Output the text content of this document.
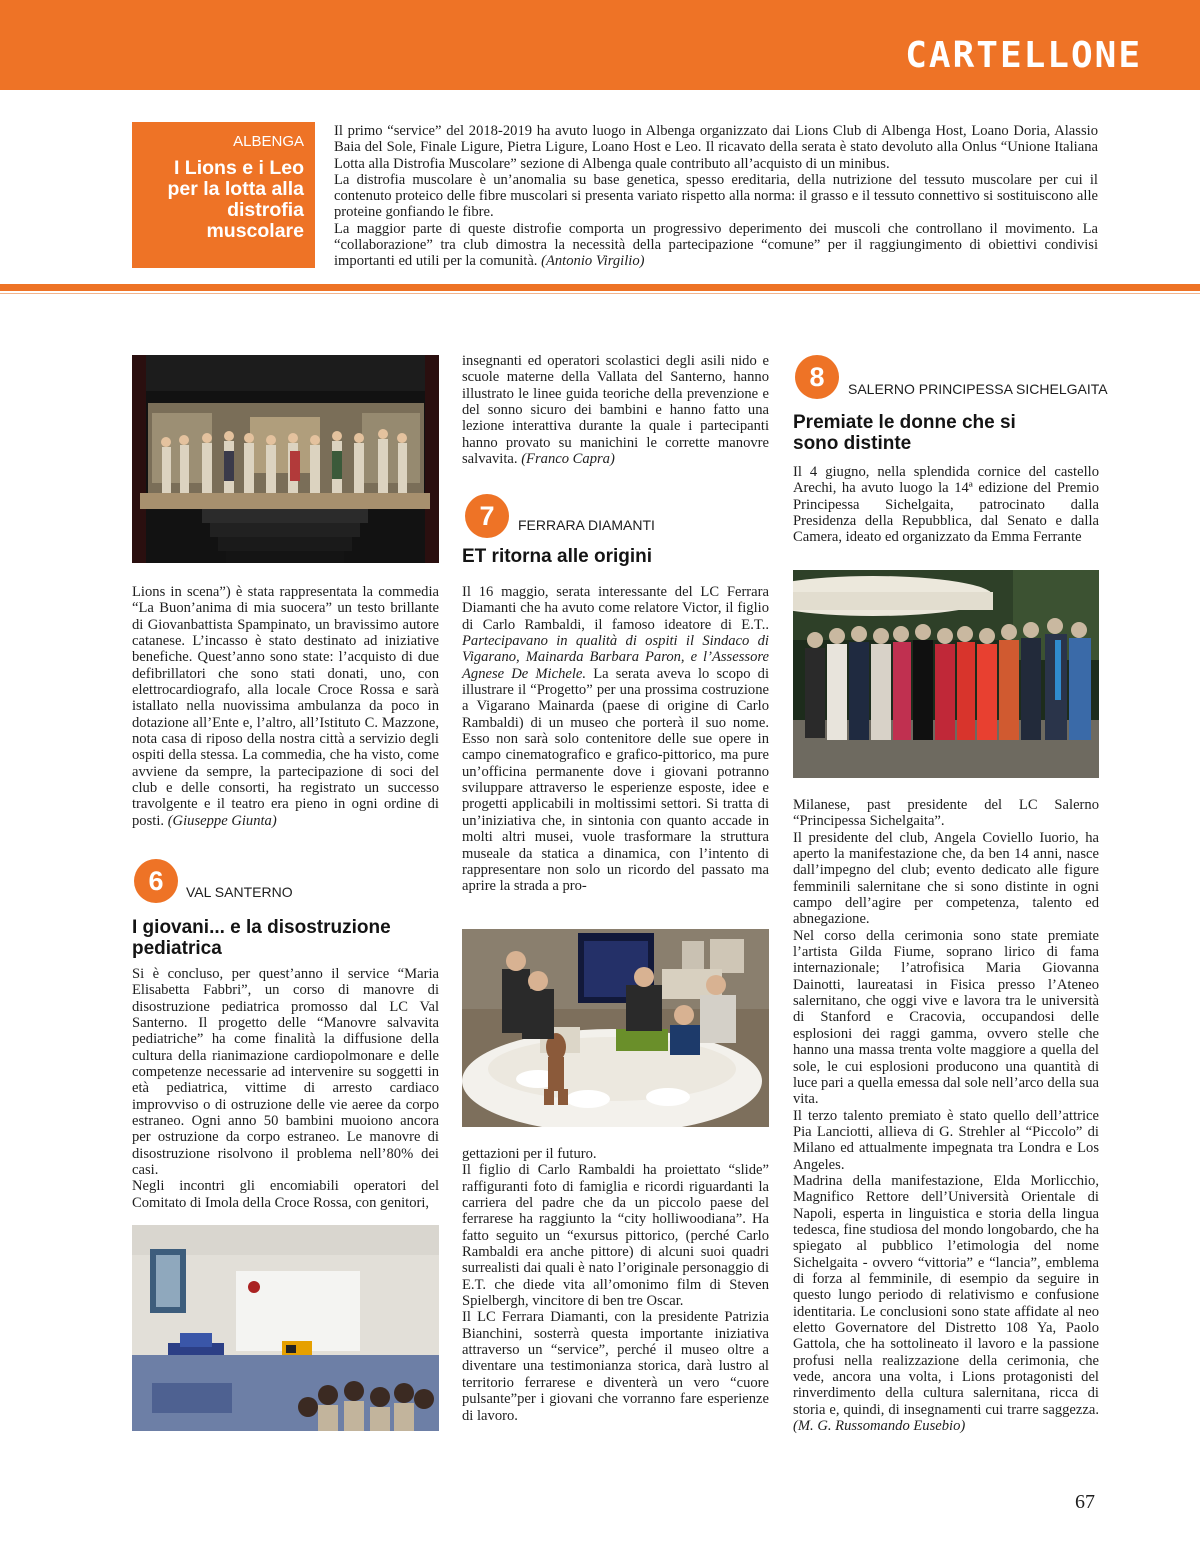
CARTELLONE
ALBENGA
I Lions e i Leo per la lotta alla distrofia muscolare

Il primo “service” del 2018-2019 ha avuto luogo in Albenga organizzato dai Lions Club di Albenga Host, Loano Doria, Alassio Baia del Sole, Finale Ligure, Pietra Ligure, Loano Host e Leo. Il ricavato della serata è stato devoluto alla Onlus “Unione Italiana Lotta alla Distrofia Muscolare” sezione di Albenga quale contributo all’acquisto di un minibus.

La distrofia muscolare è un’anomalia su base genetica, spesso ereditaria, della nutrizione del tessuto muscolare per cui il contenuto proteico delle fibre muscolari si presenta variato rispetto alla norma: il grasso e il tessuto connettivo si sostituiscono alle proteine gonfiando le fibre.

La maggior parte di queste distrofie comporta un progressivo deperimento dei muscoli che controllano il movimento. La “collaborazione” tra club dimostra la necessità della partecipazione “comune” per il raggiungimento di obiettivi condivisi importanti ed utili per la comunità. (Antonio Virgilio)

Lions in scena”) è stata rappresentata la commedia “La Buon’anima di mia suocera” un testo brillante di Giovanbattista Spampinato, un bravissimo autore catanese. L’incasso è stato destinato ad iniziative benefiche. Quest’anno sono state: l’acquisto di due defibrillatori che sono stati donati, uno, con elettrocardiografo, alla locale Croce Rossa e sarà istallato nella nuovissima ambulanza da poco in dotazione all’Ente e, l’altro, all’Istituto C. Mazzone, nota casa di riposo della nostra città a servizio degli ospiti della stessa. La commedia, che ha visto, come avviene da sempre, la partecipazione di soci del club e delle consorti, ha registrato un successo travolgente e il teatro era pieno in ogni ordine di posti. (Giuseppe Giunta)

6	VAL SANTERNO
I giovani... e la disostruzione pediatrica

Si è concluso, per quest’anno il service “Maria Elisabetta Fabbri”, un corso di manovre di disostruzione pediatrica promosso dal LC Val Santerno. Il progetto delle “Manovre salvavita pediatriche” ha come finalità la diffusione della cultura della rianimazione cardiopolmonare e delle competenze necessarie ad intervenire su soggetti in età pediatrica, vittime di arresto cardiaco improvviso o di ostruzione delle vie aeree da corpo estraneo. Ogni anno 50 bambini muoiono ancora per ostruzione da corpo estraneo. Le manovre di disostruzione risolvono il problema nell’80% dei casi.

Negli incontri gli encomiabili operatori del Comitato di Imola della Croce Rossa, con genitori,

insegnanti ed operatori scolastici degli asili nido e scuole materne della Vallata del Santerno, hanno illustrato le linee guida teoriche della prevenzione e del sonno sicuro dei bambini e hanno fatto una lezione interattiva durante la quale i partecipanti hanno provato su manichini le corrette manovre salvavita. (Franco Capra)

7	FERRARA DIAMANTI
ET ritorna alle origini

Il 16 maggio, serata interessante del LC Ferrara Diamanti che ha avuto come relatore Victor, il figlio di Carlo Rambaldi, il famoso ideatore di E.T.. Partecipavano in qualità di ospiti il Sindaco di Vigarano, Mainarda Barbara Paron, e l’Assessore Agnese De Michele. La serata aveva lo scopo di illustrare il “Progetto” per una prossima costruzione a Vigarano Mainarda (paese di origine di Carlo Rambaldi) di un museo che porterà il suo nome. Esso non sarà solo contenitore delle sue opere in campo cinematografico e grafico-pittorico, ma pure un’officina permanente dove i giovani potranno sviluppare attraverso le esperienze esposte, idee e progetti applicabili in moltissimi settori. Si tratta di un’iniziativa che, in sintonia con quanto accade in molti altri musei, vuole trasformare la struttura museale da statica a dinamica, con l’intento di rappresentare non solo un ricordo del passato ma aprire la strada a pro-

gettazioni per il futuro.

Il figlio di Carlo Rambaldi ha proiettato “slide” raffiguranti foto di famiglia e ricordi riguardanti la carriera del padre che da un piccolo paese del ferrarese ha raggiunto la “city holliwoodiana”. Ha fatto seguito un “exursus pittorico, (perché Carlo Rambaldi era anche pittore) di alcuni suoi quadri surrealisti dai quali è nato l’originale personaggio di E.T. che diede vita all’omonimo film di Steven Spielbergh, vincitore di ben tre Oscar.

Il LC Ferrara Diamanti, con la presidente Patrizia Bianchini, sosterrà questa importante iniziativa attraverso un “service”, perché il museo oltre a diventare una testimonianza storica, darà lustro al territorio ferrarese e diventerà un vero “cuore pulsante”per i giovani che vorranno fare esperienze di lavoro.

8	SALERNO PRINCIPESSA SICHELGAITA
Premiate le donne che si sono distinte

Il 4 giugno, nella splendida cornice del castello Arechi, ha avuto luogo la 14ª edizione del Premio Principessa Sichelgaita, patrocinato dalla Presidenza della Repubblica, dal Senato e dalla Camera, ideato ed organizzato da Emma Ferrante

Milanese, past presidente del LC Salerno “Principessa Sichelgaita”.

Il presidente del club, Angela Coviello Iuorio, ha aperto la manifestazione che, da ben 14 anni, nasce dall’impegno del club; evento dedicato alle figure femminili salernitane che si sono distinte in ogni campo dell’agire per competenza, talento ed abnegazione.

Nel corso della cerimonia sono state premiate l’artista Gilda Fiume, soprano lirico di fama internazionale; l’atrofisica Maria Giovanna Dainotti, laureatasi in Fisica presso l’Ateneo salernitano, che oggi vive e lavora tra le università di Stanford e Cracovia, occupandosi delle esplosioni dei raggi gamma, ovvero stelle che hanno una massa trenta volte maggiore a quella del sole, le cui esplosioni producono una quantità di luce pari a quella emessa dal sole nell’arco della sua vita.

Il terzo talento premiato è stato quello dell’attrice Pia Lanciotti, allieva di G. Strehler al “Piccolo” di Milano ed attualmente impegnata tra Londra e Los Angeles.

Madrina della manifestazione, Elda Morlicchio, Magnifico Rettore dell’Università Orientale di Napoli, esperta in linguistica e storia della lingua tedesca, fine studiosa del mondo longobardo, che ha spiegato al pubblico l’etimologia del nome Sichelgaita - ovvero “vittoria” e “lancia”, emblema di forza al femminile, di esempio da seguire in questo lungo periodo di relativismo e confusione identitaria. Le conclusioni sono state affidate al neo eletto Governatore del Distretto 108 Ya, Paolo Gattola, che ha sottolineato il lavoro e la passione profusi nella realizzazione della cerimonia, che vede, ancora una volta, i Lions protagonisti del rinverdimento della cultura salernitana, ricca di storia e, quindi, di insegnamenti cui trarre saggezza. (M. G. Russomando Eusebio)

67
